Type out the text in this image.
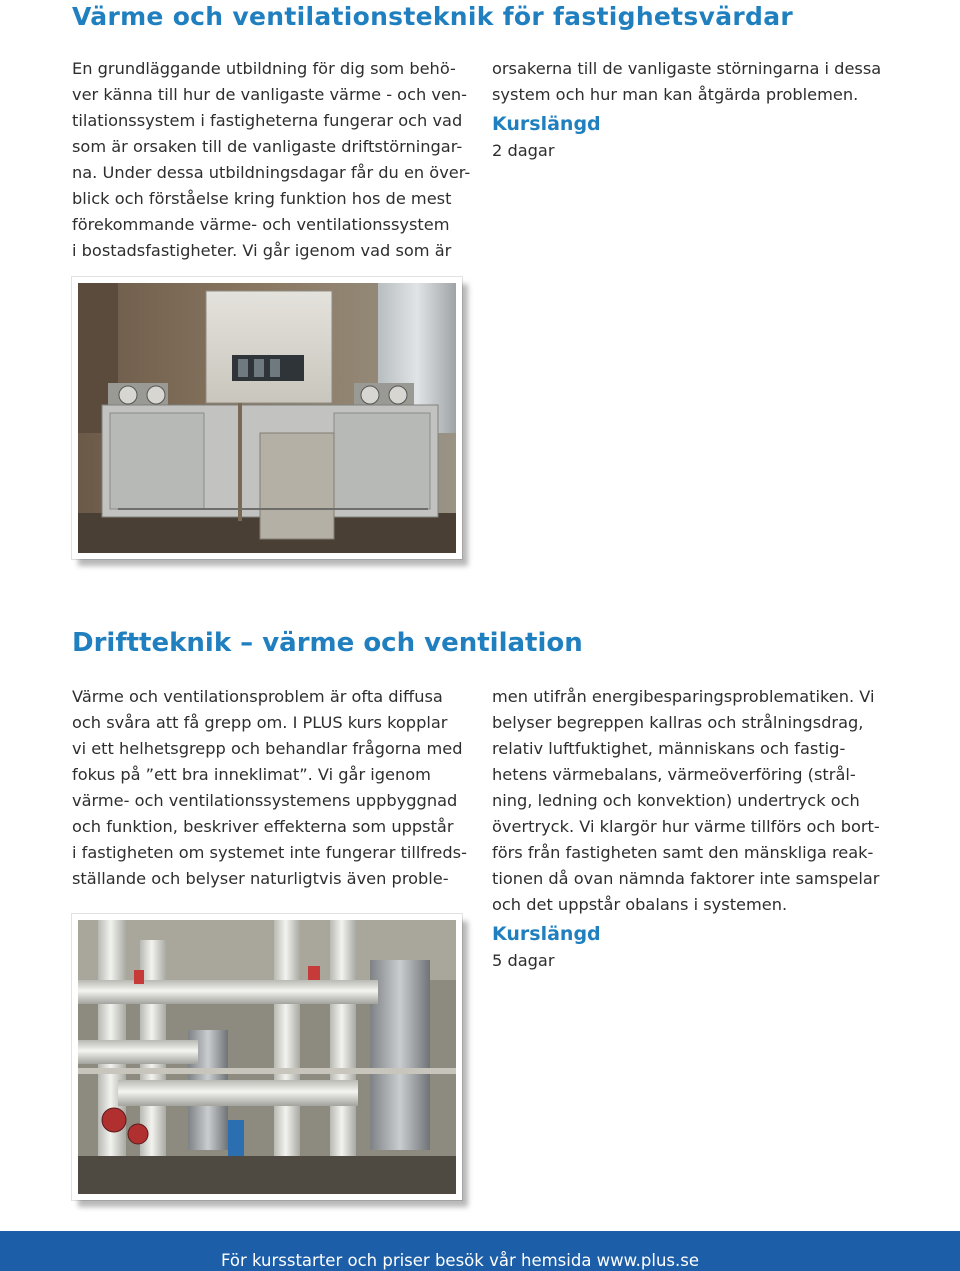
Värme och ventilationsteknik för fastighetsvärdar

En grundläggande utbildning för dig som behö-
ver känna till hur de vanligaste värme - och ven-
tilationssystem i fastigheterna fungerar och vad
som är orsaken till de vanligaste driftstörningar-
na. Under dessa utbildningsdagar får du en över-
blick och förståelse kring funktion hos de mest
förekommande värme- och ventilationssystem
i bostadsfastigheter. Vi går igenom vad som är

orsakerna till de vanligaste störningarna i dessa
system och hur man kan åtgärda problemen.

Kurslängd
2 dagar
Driftteknik – värme och ventilation

Värme och ventilationsproblem är ofta diffusa
och svåra att få grepp om. I PLUS kurs kopplar
vi ett helhetsgrepp och behandlar frågorna med
fokus på ”ett bra inneklimat”. Vi går igenom
värme- och ventilationssystemens uppbyggnad
och funktion, beskriver effekterna som uppstår
i fastigheten om systemet inte fungerar tillfreds-
ställande och belyser naturligtvis även proble-

men utifrån energibesparingsproblematiken. Vi
belyser begreppen kallras och strålningsdrag,
relativ luftfuktighet, människans och fastig-
hetens värmebalans, värmeöverföring (strål-
ning, ledning och konvektion) undertryck och
övertryck. Vi klargör hur värme tillförs och bort-
förs från fastigheten samt den mänskliga reak-
tionen då ovan nämnda faktorer inte samspelar
och det uppstår obalans i systemen.

Kurslängd
5 dagar
För kursstarter och priser besök vår hemsida www.plus.se
